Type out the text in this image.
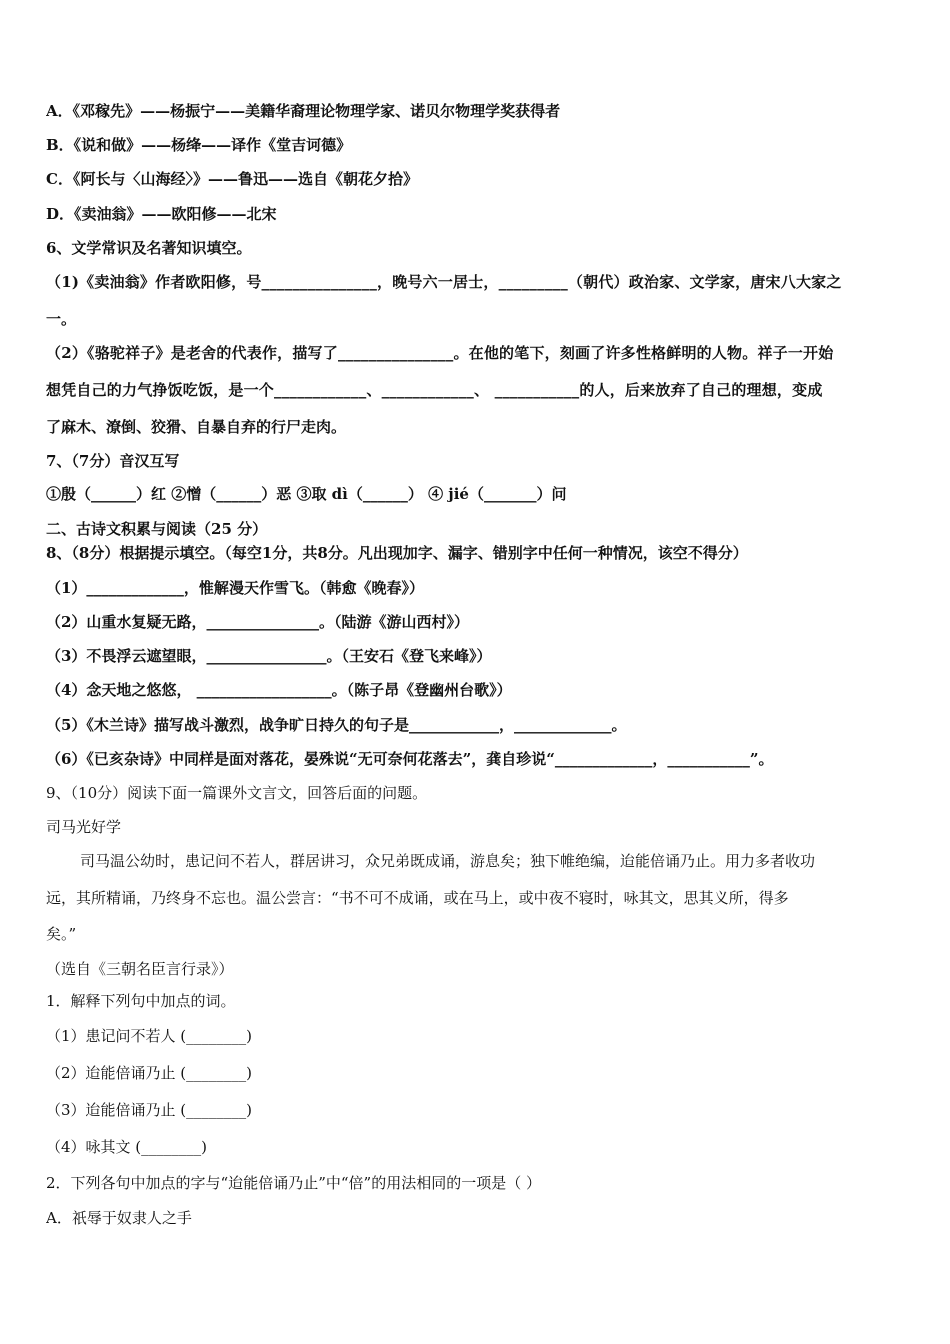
A．《邓稼先》——杨振宁——美籍华裔理论物理学家、诺贝尔物理学奖获得者
B．《说和做》——杨绛——译作《堂吉诃德》
C．《阿长与〈山海经〉》——鲁迅——选自《朝花夕拾》
D．《卖油翁》——欧阳修——北宋
6、文学常识及名著知识填空。
（1)《卖油翁》作者欧阳修，号_______________，晚号六一居士，_________（朝代）政治家、文学家，唐宋八大家之
一。
（2）《骆驼祥子》是老舍的代表作，描写了_______________。在他的笔下，刻画了许多性格鲜明的人物。祥子一开始
想凭自己的力气挣饭吃饭，是一个____________、____________、 ___________的人，后来放弃了自己的理想，变成
了麻木、潦倒、狡猾、自暴自弃的行尸走肉。
7、（7分）音汉互写
①殷（______）红 ②憎（______）恶 ③取 dì（______） ④ jié（_______）问
二、古诗文积累与阅读（25 分）
8、（8分）根据提示填空。（每空1分，共8分。凡出现加字、漏字、错别字中任何一种情况，该空不得分）
（1）_____________，惟解漫天作雪飞。（韩愈《晚春》）
（2）山重水复疑无路，_______________。（陆游《游山西村》）
（3）不畏浮云遮望眼，________________。（王安石《登飞来峰》）
（4）念天地之悠悠， __________________。（陈子昂《登幽州台歌》）
（5）《木兰诗》描写战斗激烈，战争旷日持久的句子是____________，_____________。
（6）《已亥杂诗》中同样是面对落花，晏殊说“无可奈何花落去”，龚自珍说“_____________，___________”。
9、（10分）阅读下面一篇课外文言文，回答后面的问题。
司马光好学
司马温公幼时，患记问不若人，群居讲习，众兄弟既成诵，游息矣；独下帷绝编，迨能倍诵乃止。用力多者收功
远，其所精诵，乃终身不忘也。温公尝言：“书不可不成诵，或在马上，或中夜不寝时，咏其文，思其义所，得多
矣。”
（选自《三朝名臣言行录》）
1．解释下列句中加点的词。
（1）患记问不若人 (________)
（2）迨能倍诵乃止 (________)
（3）迨能倍诵乃止 (________)
（4）咏其文 (________)
2．下列各句中加点的字与“迨能倍诵乃止”中“倍”的用法相同的一项是（ ）
A．祇辱于奴隶人之手
